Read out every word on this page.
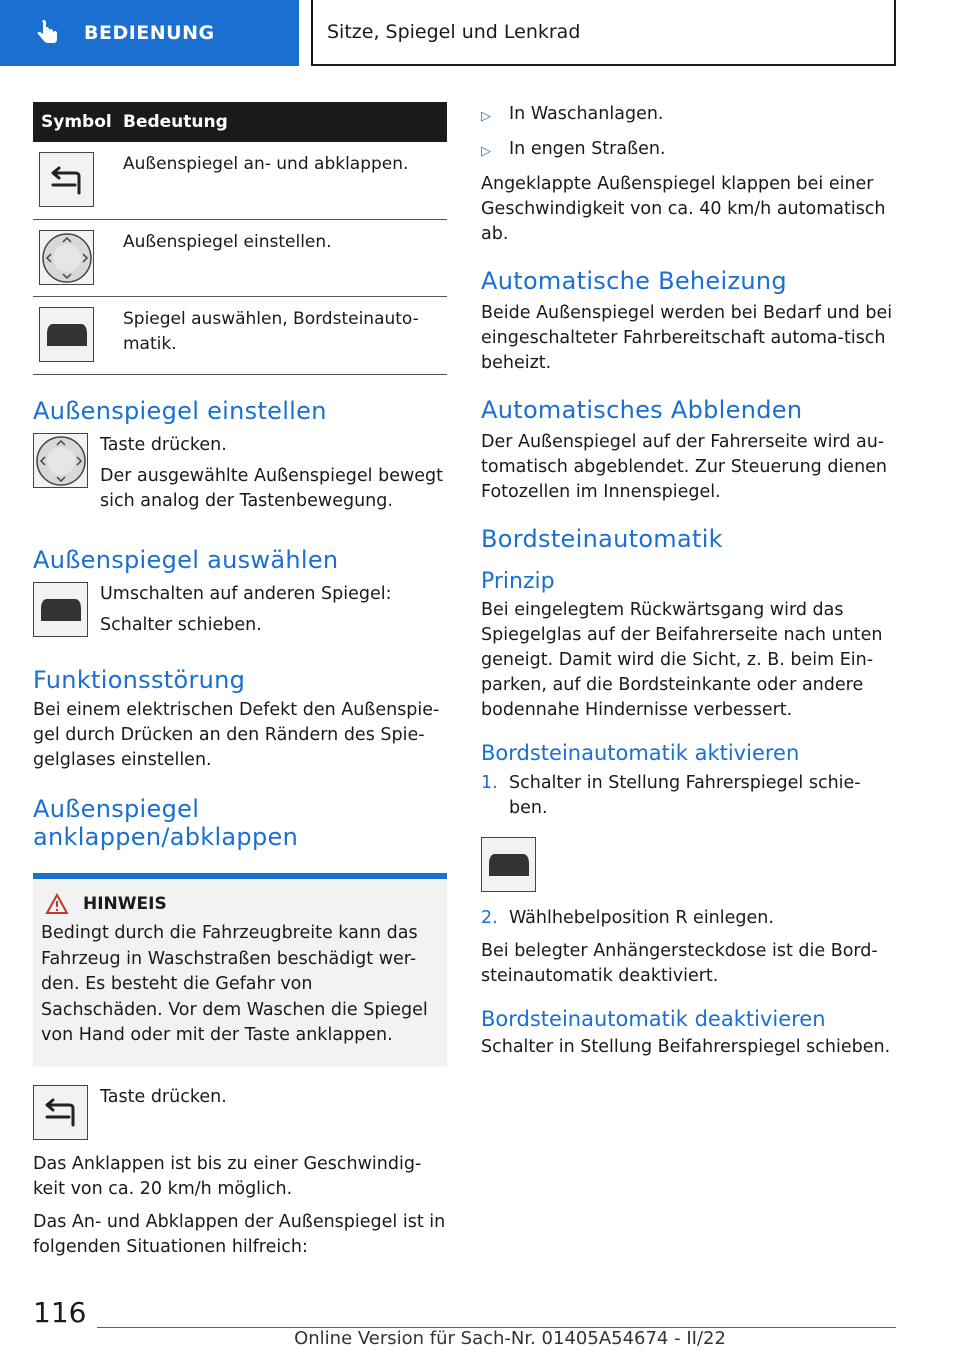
BEDIENUNG	Sitze, Spiegel und Lenkrad
Symbol Bedeutung
Außenspiegel an- und abklappen.
Außenspiegel einstellen.
Spiegel auswählen, Bordsteinauto-matik.
Außenspiegel einstellen

Taste drücken.

Der ausgewählte Außenspiegel bewegt sich analog der Tastenbewegung.

Außenspiegel auswählen

Umschalten auf anderen Spiegel:

Schalter schieben.

Funktionsstörung

Bei einem elektrischen Defekt den Außenspie-gel durch Drücken an den Rändern des Spie-gelglases einstellen.

Außenspiegel anklappen/abklappen
HINWEIS

Bedingt durch die Fahrzeugbreite kann das Fahrzeug in Waschstraßen beschädigt wer-den. Es besteht die Gefahr von Sachschäden. Vor dem Waschen die Spiegel von Hand oder mit der Taste anklappen.

Taste drücken.

Das Anklappen ist bis zu einer Geschwindig-keit von ca. 20 km/h möglich.

Das An- und Abklappen der Außenspiegel ist in folgenden Situationen hilfreich:

▷	In Waschanlagen.
▷	In engen Straßen.

Angeklappte Außenspiegel klappen bei einer Geschwindigkeit von ca. 40 km/h automatisch ab.

Automatische Beheizung

Beide Außenspiegel werden bei Bedarf und bei eingeschalteter Fahrbereitschaft automa-tisch beheizt.

Automatisches Abblenden

Der Außenspiegel auf der Fahrerseite wird au-tomatisch abgeblendet. Zur Steuerung dienen Fotozellen im Innenspiegel.

Bordsteinautomatik
Prinzip

Bei eingelegtem Rückwärtsgang wird das Spiegelglas auf der Beifahrerseite nach unten geneigt. Damit wird die Sicht, z. B. beim Ein-parken, auf die Bordsteinkante oder andere bodennahe Hindernisse verbessert.

Bordsteinautomatik aktivieren
1. Schalter in Stellung Fahrerspiegel schie-ben.
2. Wählhebelposition R einlegen.

Bei belegter Anhängersteckdose ist die Bord-steinautomatik deaktiviert.

Bordsteinautomatik deaktivieren

Schalter in Stellung Beifahrerspiegel schieben.

116
Online Version für Sach-Nr. 01405A54674 - II/22
